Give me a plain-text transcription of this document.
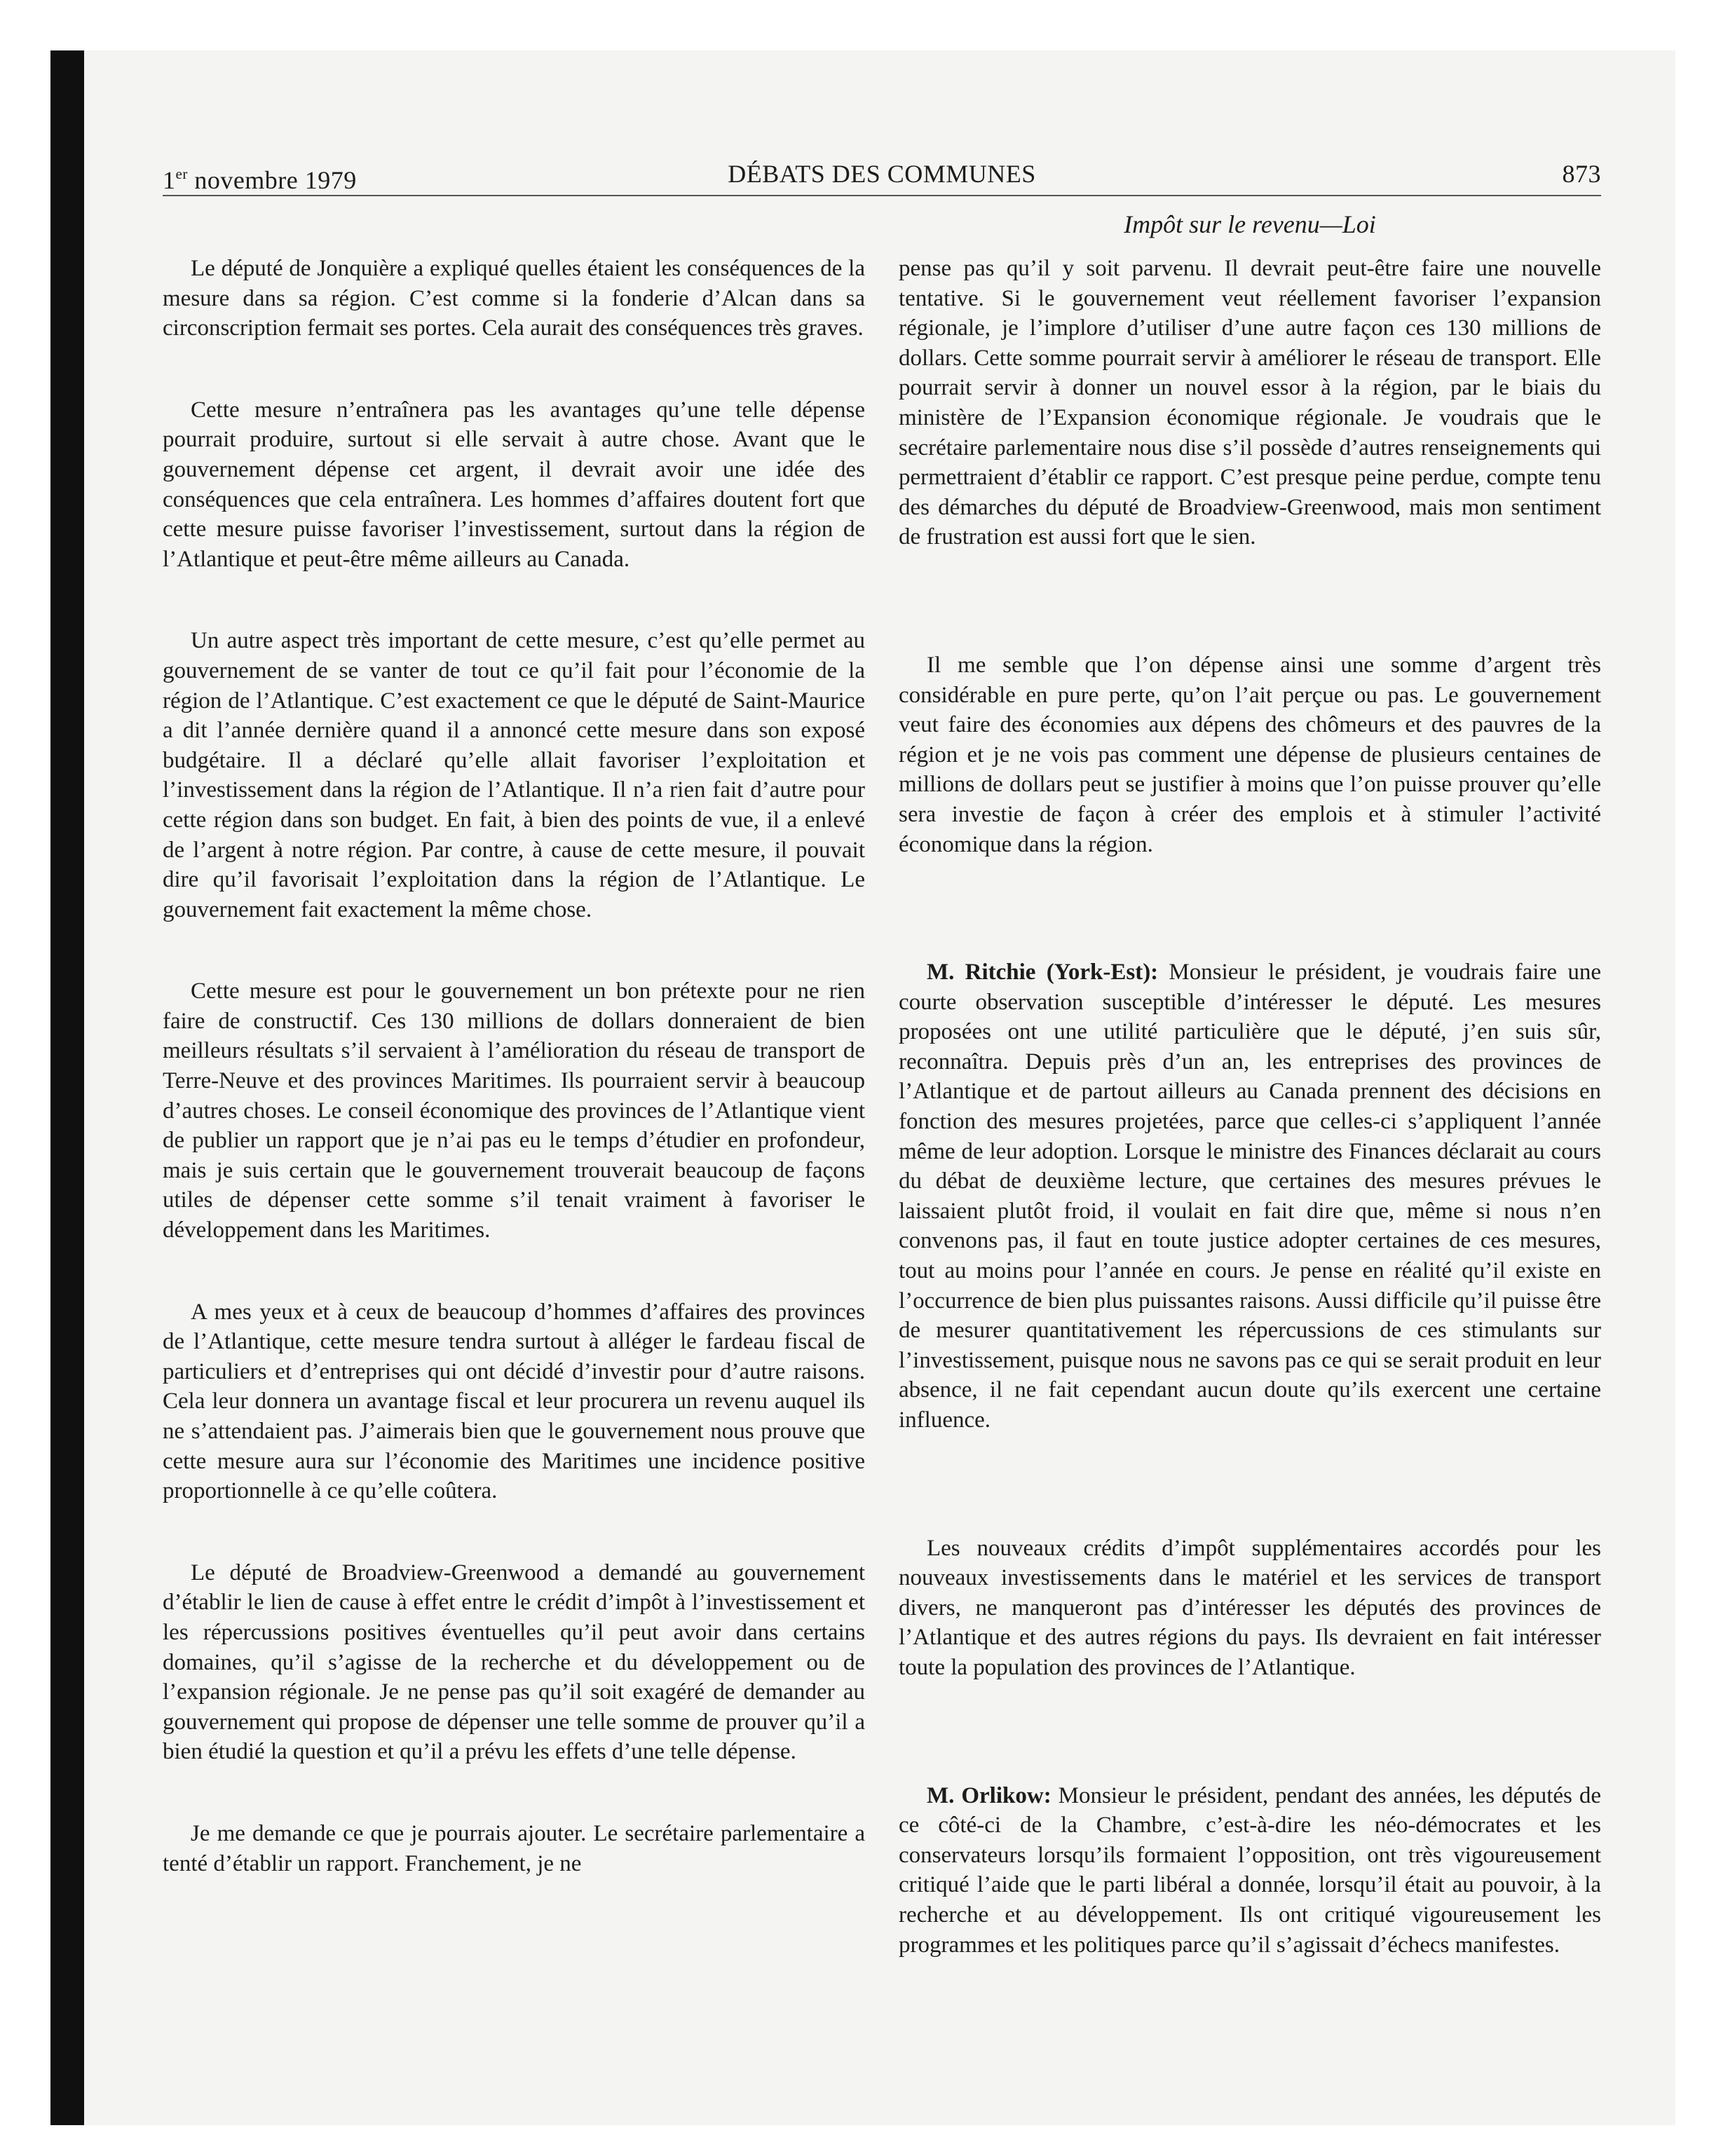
1er novembre 1979	DÉBATS DES COMMUNES	873
Impôt sur le revenu—Loi

Le député de Jonquière a expliqué quelles étaient les conséquences de la mesure dans sa région. C’est comme si la fonderie d’Alcan dans sa circonscription fermait ses portes. Cela aurait des conséquences très graves.

Cette mesure n’entraînera pas les avantages qu’une telle dépense pourrait produire, surtout si elle servait à autre chose. Avant que le gouvernement dépense cet argent, il devrait avoir une idée des conséquences que cela entraînera. Les hommes d’affaires doutent fort que cette mesure puisse favoriser l’investissement, surtout dans la région de l’Atlantique et peut-être même ailleurs au Canada.

Un autre aspect très important de cette mesure, c’est qu’elle permet au gouvernement de se vanter de tout ce qu’il fait pour l’économie de la région de l’Atlantique. C’est exactement ce que le député de Saint-Maurice a dit l’année dernière quand il a annoncé cette mesure dans son exposé budgétaire. Il a déclaré qu’elle allait favoriser l’exploitation et l’investissement dans la région de l’Atlantique. Il n’a rien fait d’autre pour cette région dans son budget. En fait, à bien des points de vue, il a enlevé de l’argent à notre région. Par contre, à cause de cette mesure, il pouvait dire qu’il favorisait l’exploitation dans la région de l’Atlantique. Le gouvernement fait exactement la même chose.

Cette mesure est pour le gouvernement un bon prétexte pour ne rien faire de constructif. Ces 130 millions de dollars donneraient de bien meilleurs résultats s’il servaient à l’amélioration du réseau de transport de Terre-Neuve et des provinces Maritimes. Ils pourraient servir à beaucoup d’autres choses. Le conseil économique des provinces de l’Atlantique vient de publier un rapport que je n’ai pas eu le temps d’étudier en profondeur, mais je suis certain que le gouvernement trouverait beaucoup de façons utiles de dépenser cette somme s’il tenait vraiment à favoriser le développement dans les Maritimes.

A mes yeux et à ceux de beaucoup d’hommes d’affaires des provinces de l’Atlantique, cette mesure tendra surtout à alléger le fardeau fiscal de particuliers et d’entreprises qui ont décidé d’investir pour d’autre raisons. Cela leur donnera un avantage fiscal et leur procurera un revenu auquel ils ne s’attendaient pas. J’aimerais bien que le gouvernement nous prouve que cette mesure aura sur l’économie des Maritimes une incidence positive proportionnelle à ce qu’elle coûtera.

Le député de Broadview-Greenwood a demandé au gouvernement d’établir le lien de cause à effet entre le crédit d’impôt à l’investissement et les répercussions positives éventuelles qu’il peut avoir dans certains domaines, qu’il s’agisse de la recherche et du développement ou de l’expansion régionale. Je ne pense pas qu’il soit exagéré de demander au gouvernement qui propose de dépenser une telle somme de prouver qu’il a bien étudié la question et qu’il a prévu les effets d’une telle dépense.

Je me demande ce que je pourrais ajouter. Le secrétaire parlementaire a tenté d’établir un rapport. Franchement, je ne

pense pas qu’il y soit parvenu. Il devrait peut-être faire une nouvelle tentative. Si le gouvernement veut réellement favoriser l’expansion régionale, je l’implore d’utiliser d’une autre façon ces 130 millions de dollars. Cette somme pourrait servir à améliorer le réseau de transport. Elle pourrait servir à donner un nouvel essor à la région, par le biais du ministère de l’Expansion économique régionale. Je voudrais que le secrétaire parlementaire nous dise s’il possède d’autres renseignements qui permettraient d’établir ce rapport. C’est presque peine perdue, compte tenu des démarches du député de Broadview-Greenwood, mais mon sentiment de frustration est aussi fort que le sien.

Il me semble que l’on dépense ainsi une somme d’argent très considérable en pure perte, qu’on l’ait perçue ou pas. Le gouvernement veut faire des économies aux dépens des chômeurs et des pauvres de la région et je ne vois pas comment une dépense de plusieurs centaines de millions de dollars peut se justifier à moins que l’on puisse prouver qu’elle sera investie de façon à créer des emplois et à stimuler l’activité économique dans la région.

M. Ritchie (York-Est): Monsieur le président, je voudrais faire une courte observation susceptible d’intéresser le député. Les mesures proposées ont une utilité particulière que le député, j’en suis sûr, reconnaîtra. Depuis près d’un an, les entreprises des provinces de l’Atlantique et de partout ailleurs au Canada prennent des décisions en fonction des mesures projetées, parce que celles-ci s’appliquent l’année même de leur adoption. Lorsque le ministre des Finances déclarait au cours du débat de deuxième lecture, que certaines des mesures prévues le laissaient plutôt froid, il voulait en fait dire que, même si nous n’en convenons pas, il faut en toute justice adopter certaines de ces mesures, tout au moins pour l’année en cours. Je pense en réalité qu’il existe en l’occurrence de bien plus puissantes raisons. Aussi difficile qu’il puisse être de mesurer quantitativement les répercussions de ces stimulants sur l’investissement, puisque nous ne savons pas ce qui se serait produit en leur absence, il ne fait cependant aucun doute qu’ils exercent une certaine influence.

Les nouveaux crédits d’impôt supplémentaires accordés pour les nouveaux investissements dans le matériel et les services de transport divers, ne manqueront pas d’intéresser les députés des provinces de l’Atlantique et des autres régions du pays. Ils devraient en fait intéresser toute la population des provinces de l’Atlantique.

M. Orlikow: Monsieur le président, pendant des années, les députés de ce côté-ci de la Chambre, c’est-à-dire les néo-démocrates et les conservateurs lorsqu’ils formaient l’opposition, ont très vigoureusement critiqué l’aide que le parti libéral a donnée, lorsqu’il était au pouvoir, à la recherche et au développement. Ils ont critiqué vigoureusement les programmes et les politiques parce qu’il s’agissait d’échecs manifestes.
